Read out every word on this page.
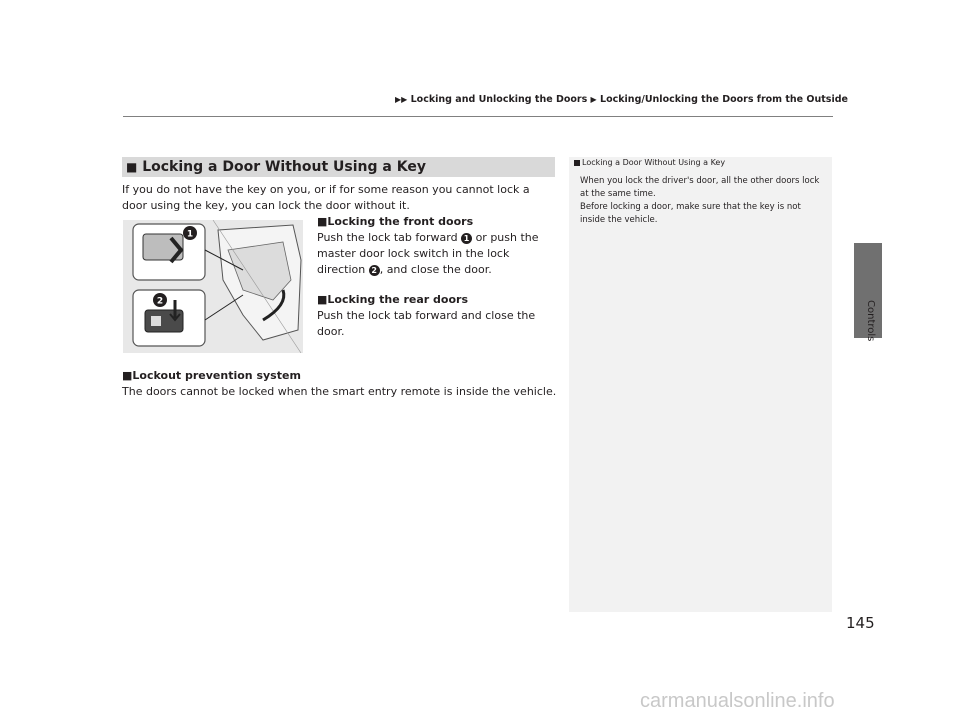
▶▶ Locking and Unlocking the Doors ▶ Locking/Unlocking the Doors from the Outside
Controls
■ Locking a Door Without Using a Key
If you do not have the key on you, or if for some reason you cannot lock a door using the key, you can lock the door without it.
1
2
■Locking the front doors
Push the lock tab forward 1 or push the master door lock switch in the lock direction 2 , and close the door.
■Locking the rear doors
Push the lock tab forward and close the door.
■Lockout prevention system
The doors cannot be locked when the smart entry remote is inside the vehicle.
Locking a Door Without Using a Key
When you lock the driver's door, all the other doors lock at the same time.
Before locking a door, make sure that the key is not inside the vehicle.
145
carmanualsonline.info
